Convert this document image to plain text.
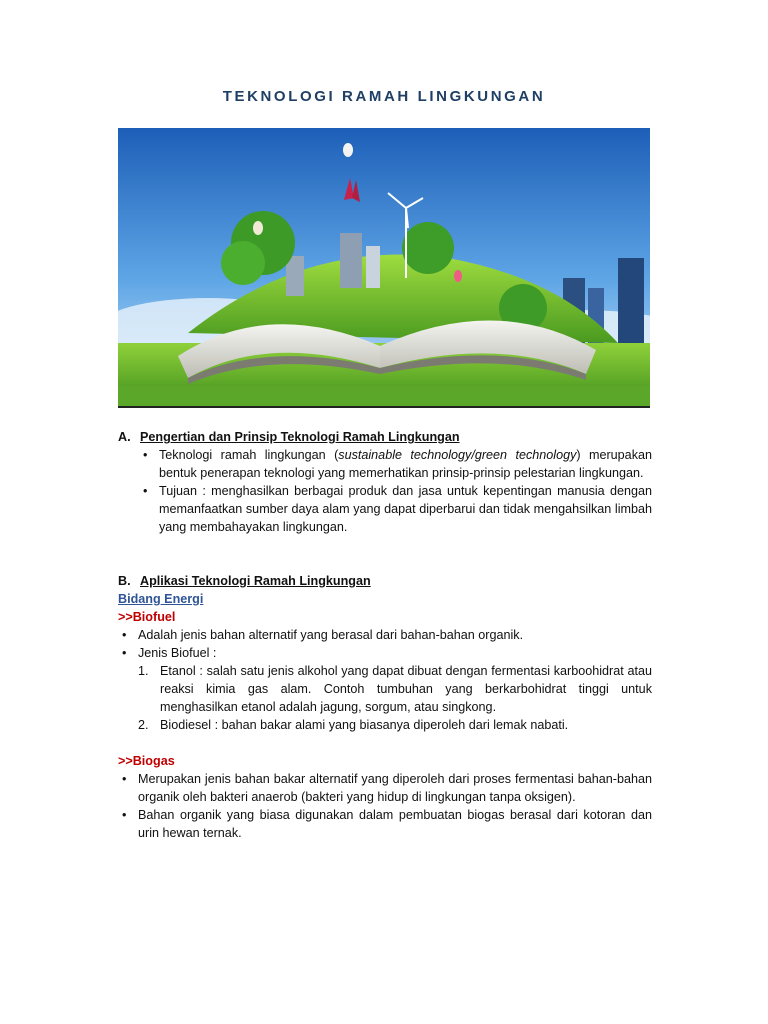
TEKNOLOGI RAMAH LINGKUNGAN
A. Pengertian dan Prinsip Teknologi Ramah Lingkungan
• Teknologi ramah lingkungan (sustainable technology/green technology) merupakan bentuk penerapan teknologi yang memerhatikan prinsip-prinsip pelestarian lingkungan.
• Tujuan : menghasilkan berbagai produk dan jasa untuk kepentingan manusia dengan memanfaatkan sumber daya alam yang dapat diperbarui dan tidak mengahsilkan limbah yang membahayakan lingkungan.
B. Aplikasi Teknologi Ramah Lingkungan
Bidang Energi
>>Biofuel
• Adalah jenis bahan alternatif yang berasal dari bahan-bahan organik.
• Jenis Biofuel :
1. Etanol : salah satu jenis alkohol yang dapat dibuat dengan fermentasi karboohidrat atau reaksi kimia gas alam. Contoh tumbuhan yang berkarbohidrat tinggi untuk menghasilkan etanol adalah jagung, sorgum, atau singkong.
2. Biodiesel : bahan bakar alami yang biasanya diperoleh dari lemak nabati.
>>Biogas
• Merupakan jenis bahan bakar alternatif yang diperoleh dari proses fermentasi bahan-bahan organik oleh bakteri anaerob (bakteri yang hidup di lingkungan tanpa oksigen).
• Bahan organik yang biasa digunakan dalam pembuatan biogas berasal dari kotoran dan urin hewan ternak.
